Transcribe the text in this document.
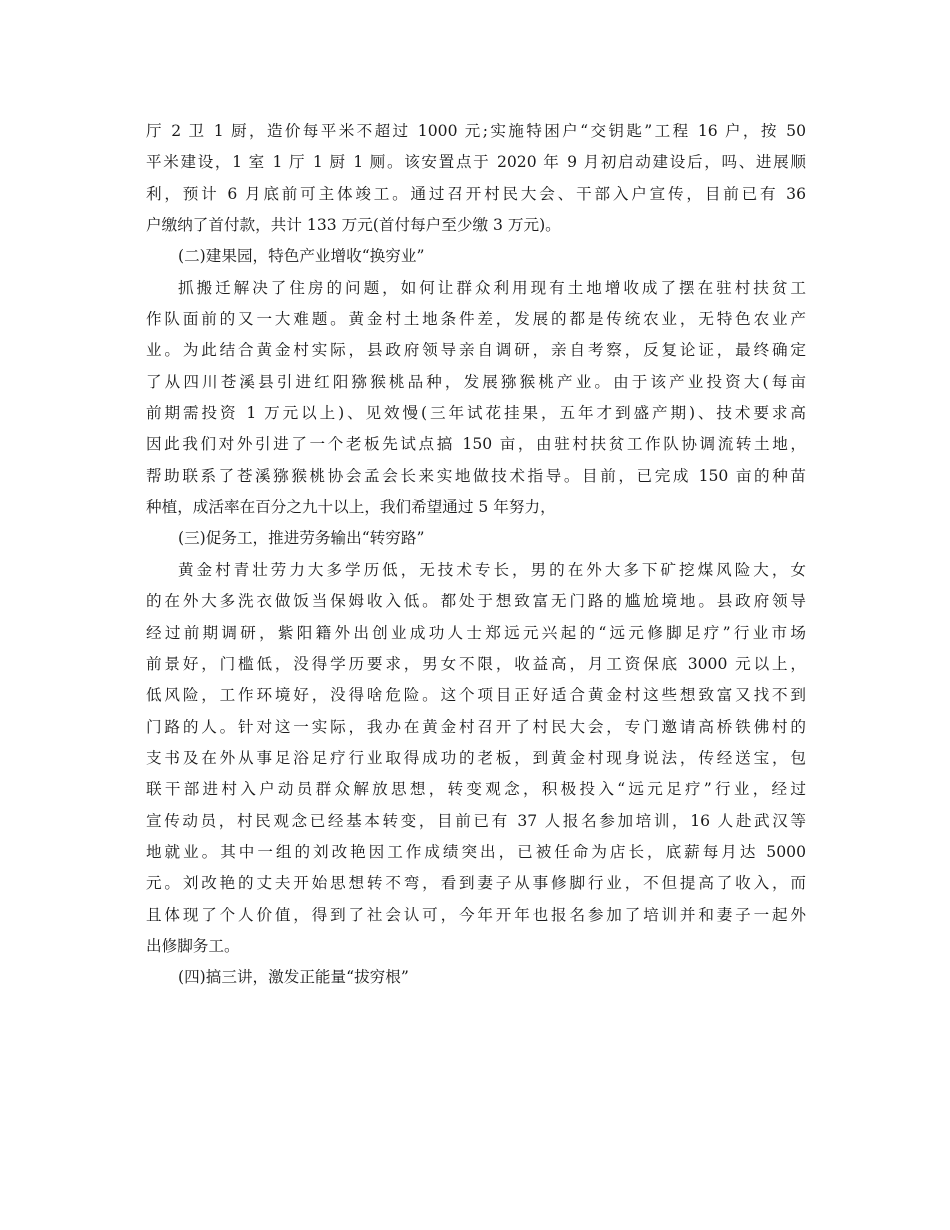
厅 2 卫 1 厨，造价每平米不超过 1000 元;实施特困户“交钥匙”工程 16 户，按 50
平米建设，1 室 1 厅 1 厨 1 厕。该安置点于 2020 年 9 月初启动建设后，吗、进展顺
利，预计 6 月底前可主体竣工。通过召开村民大会、干部入户宣传，目前已有 36
户缴纳了首付款，共计 133 万元(首付每户至少缴 3 万元)。
(二)建果园，特色产业增收“换穷业”
抓搬迁解决了住房的问题，如何让群众利用现有土地增收成了摆在驻村扶贫工
作队面前的又一大难题。黄金村土地条件差，发展的都是传统农业，无特色农业产
业。为此结合黄金村实际，县政府领导亲自调研，亲自考察，反复论证，最终确定
了从四川苍溪县引进红阳猕猴桃品种，发展猕猴桃产业。由于该产业投资大(每亩
前期需投资 1 万元以上)、见效慢(三年试花挂果，五年才到盛产期)、技术要求高
因此我们对外引进了一个老板先试点搞 150 亩，由驻村扶贫工作队协调流转土地，
帮助联系了苍溪猕猴桃协会孟会长来实地做技术指导。目前，已完成 150 亩的种苗
种植，成活率在百分之九十以上，我们希望通过 5 年努力，
(三)促务工，推进劳务输出“转穷路”
黄金村青壮劳力大多学历低，无技术专长，男的在外大多下矿挖煤风险大，女
的在外大多洗衣做饭当保姆收入低。都处于想致富无门路的尴尬境地。县政府领导
经过前期调研，紫阳籍外出创业成功人士郑远元兴起的“远元修脚足疗”行业市场
前景好，门槛低，没得学历要求，男女不限，收益高，月工资保底 3000 元以上，
低风险，工作环境好，没得啥危险。这个项目正好适合黄金村这些想致富又找不到
门路的人。针对这一实际，我办在黄金村召开了村民大会，专门邀请高桥铁佛村的
支书及在外从事足浴足疗行业取得成功的老板，到黄金村现身说法，传经送宝，包
联干部进村入户动员群众解放思想，转变观念，积极投入“远元足疗”行业，经过
宣传动员，村民观念已经基本转变，目前已有 37 人报名参加培训，16 人赴武汉等
地就业。其中一组的刘改艳因工作成绩突出，已被任命为店长，底薪每月达 5000
元。刘改艳的丈夫开始思想转不弯，看到妻子从事修脚行业，不但提高了收入，而
且体现了个人价值，得到了社会认可，今年开年也报名参加了培训并和妻子一起外
出修脚务工。
(四)搞三讲，激发正能量“拔穷根”
